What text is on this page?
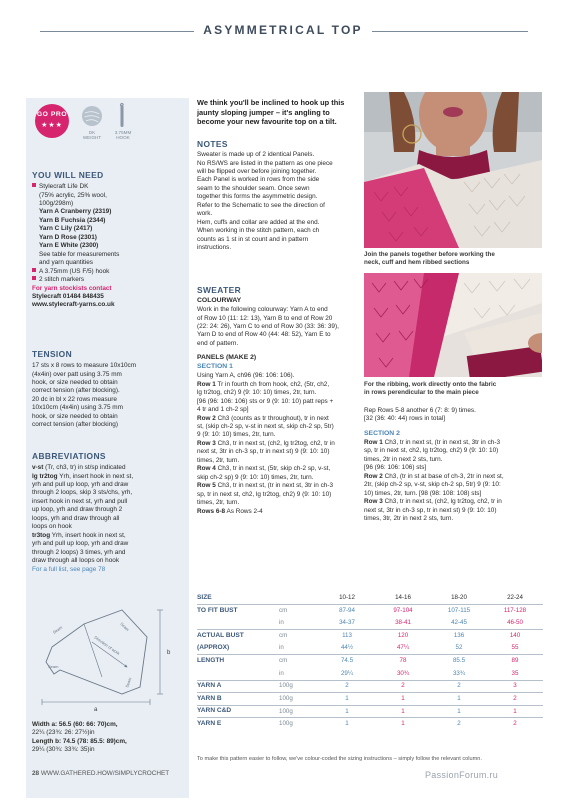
ASYMMETRICAL TOP
GO PRO
★★★
DK
WEIGHT
3.75MM
HOOK
YOU WILL NEED
Stylecraft Life DK
(75% acrylic, 25% wool,
100g/298m)
Yarn A Cranberry (2319)
Yarn B Fuchsia (2344)
Yarn C Lily (2417)
Yarn D Rose (2301)
Yarn E White (2300)
See table for measurements
and yarn quantities
A 3.75mm (US F/5) hook
2 stitch markers
For yarn stockists contact
Stylecraft 01484 848435
www.stylecraft-yarns.co.uk
TENSION
17 sts x 8 rows to measure 10x10cm
(4x4in) over patt using 3.75 mm
hook, or size needed to obtain
correct tension (after blocking).
20 dc in bl x 22 rows measure
10x10cm (4x4in) using 3.75 mm
hook, or size needed to obtain
correct tension (after blocking)
ABBREVIATIONS
v-st (Tr, ch3, tr) in st/sp indicated
lg tr2tog Yrh, insert hook in next st,
yrh and pull up loop, yrh and draw
through 2 loops, skip 3 sts/chs, yrh,
insert hook in next st, yrh and pull
up loop, yrh and draw through 2
loops, yrh and draw through all
loops on hook
tr3tog Yrh, insert hook in next st,
yrh and pull up loop, yrh and draw
through 2 loops) 3 times, yrh and
draw through all loops on hook
For a full list, see page 78
Seam	Seam
Seam
Seam
Direction of work
a
b
Width a: 56.5 (60: 66: 70)cm,
22¼ (23¾: 26: 27½)in
Length b: 74.5 (78: 85.5: 89)cm,
29¼ (30¾: 33¾: 35)in
We think you'll be inclined to hook up this
jaunty sloping jumper – it's angling to
become your new favourite top on a tilt.
NOTES
Sweater is made up of 2 identical Panels.
No RS/WS are listed in the pattern as one piece
will be flipped over before joining together.
Each Panel is worked in rows from the side
seam to the shoulder seam. Once sewn
together this forms the asymmetric design.
Refer to the Schematic to see the direction of
work.
Hem, cuffs and collar are added at the end.
When working in the stitch pattern, each ch
counts as 1 st in st count and in pattern
instructions.
SWEATER
COLOURWAY
Work in the following colourway: Yarn A to end
of Row 10 (11: 12: 13), Yarn B to end of Row 20
(22: 24: 26), Yarn C to end of Row 30 (33: 36: 39),
Yarn D to end of Row 40 (44: 48: 52), Yarn E to
end of pattern.
PANELS (MAKE 2)
SECTION 1
Using Yarn A, ch96 (96: 106: 106).
Row 1 Tr in fourth ch from hook, ch2, (5tr, ch2,
lg tr2tog, ch2) 9 (9: 10: 10) times, 2tr, turn.
[96 (96: 106: 106) sts or 9 (9: 10: 10) patt reps +
4 tr and 1 ch-2 sp]
Row 2 Ch3 (counts as tr throughout), tr in next
st, (skip ch-2 sp, v-st in next st, skip ch-2 sp, 5tr)
9 (9: 10: 10) times, 2tr, turn.
Row 3 Ch3, tr in next st, (ch2, lg tr2tog, ch2, tr in
next st, 3tr in ch-3 sp, tr in next st) 9 (9: 10: 10)
times, 2tr, turn.
Row 4 Ch3, tr in next st, (5tr, skip ch-2 sp, v-st,
skip ch-2 sp) 9 (9: 10: 10) times, 2tr, turn.
Row 5 Ch3, tr in next st, (tr in next st, 3tr in ch-3
sp, tr in next st, ch2, lg tr2tog, ch2) 9 (9: 10: 10)
times, 2tr, turn.
Rows 6-8 As Rows 2-4
Join the panels together before working the
neck, cuff and hem ribbed sections
For the ribbing, work directly onto the fabric
in rows perendicular to the main piece
Rep Rows 5-8 another 6 (7: 8: 9) times.
[32 (36: 40: 44) rows in total]
SECTION 2
Row 1 Ch3, tr in next st, (tr in next st, 3tr in ch-3
sp, tr in next st, ch2, lg tr2tog, ch2) 9 (9: 10: 10)
times, 2tr in next 2 sts, turn.
[96 (96: 106: 106) sts]
Row 2 Ch3, (tr in st at base of ch-3, 2tr in next st,
2tr, (skip ch-2 sp, v-st, skip ch-2 sp, 5tr) 9 (9: 10:
10) times, 2tr, turn. [98 (98: 108: 108) sts]
Row 3 Ch3, tr in next st, (ch2, lg tr2tog, ch2, tr in
next st, 3tr in ch-3 sp, tr in next st) 9 (9: 10: 10)
times, 3tr, 2tr in next 2 sts, turn.
SIZE		10-12	14-16	18-20	22-24
TO FIT BUST	cm	87-94	97-104	107-115	117-128
	in	34-37	38-41	42-45	46-50
ACTUAL BUST	cm	113	120	136	140
(APPROX)	in	44½	47¼	52	55
LENGTH	cm	74.5	78	85.5	89
	in	29¼	30¾	33¾	35
YARN A	100g	2	2	2	3
YARN B	100g	1	1	1	2
YARN C&D	100g	1	1	1	1
YARN E	100g	1	1	2	2
To make this pattern easier to follow, we've colour-coded the sizing instructions – simply follow the relevant column.
28 WWW.GATHERED.HOW/SIMPLYCROCHET	PassionForum.ru
